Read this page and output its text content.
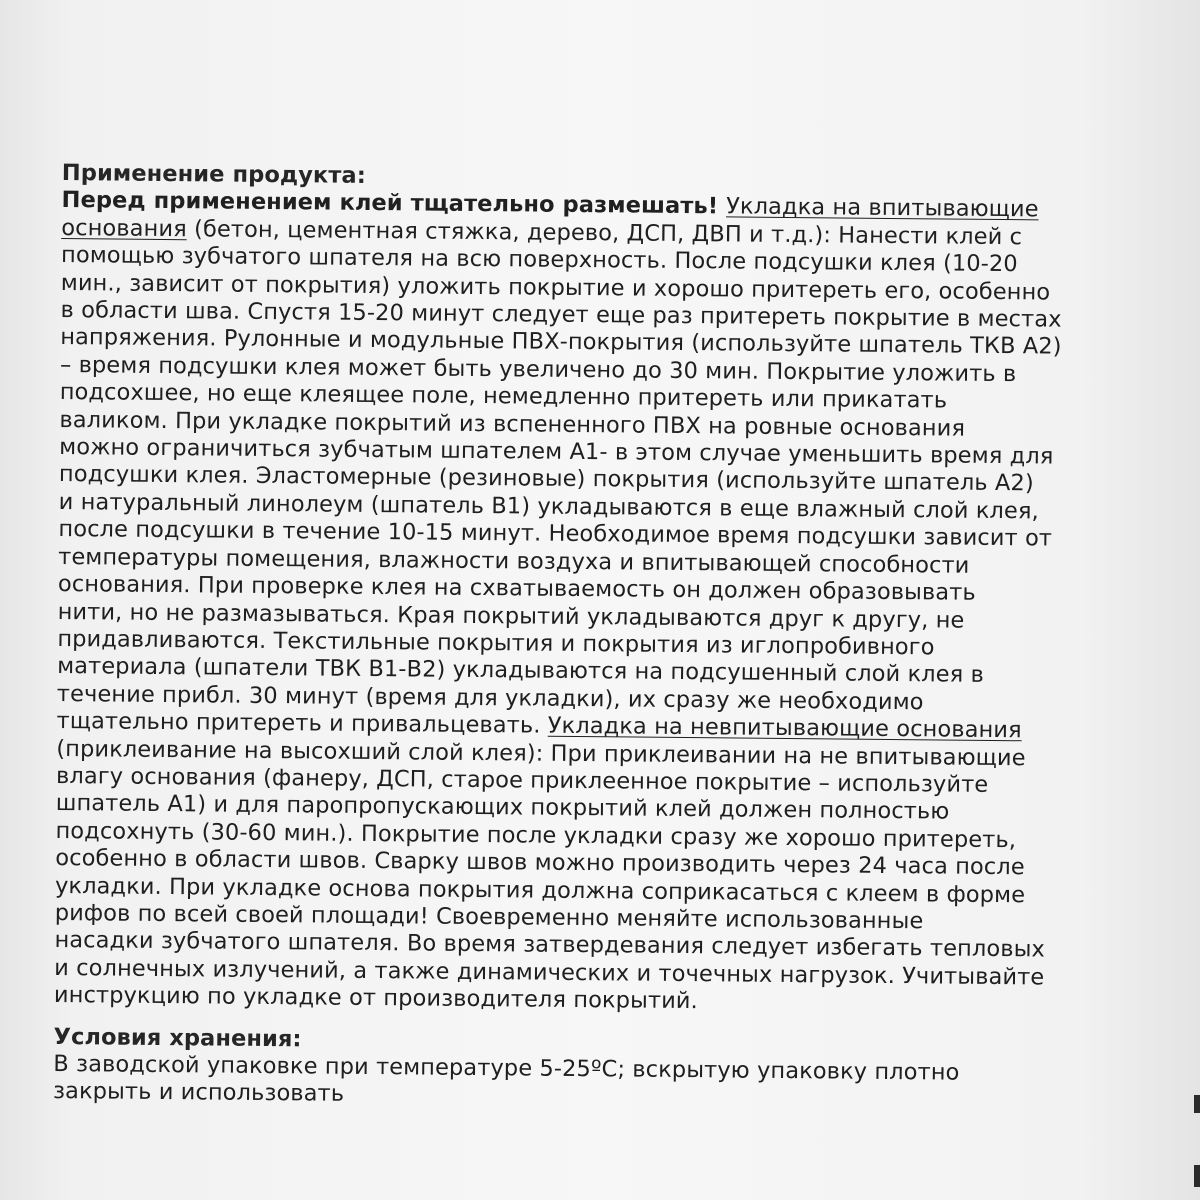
Применение продукта:
Перед применением клей тщательно размешать! Укладка на впитывающие
основания (бетон, цементная стяжка, дерево, ДСП, ДВП и т.д.): Нанести клей с
помощью зубчатого шпателя на всю поверхность. После подсушки клея (10-20
мин., зависит от покрытия) уложить покрытие и хорошо притереть его, особенно
в области шва. Спустя 15-20 минут следует еще раз притереть покрытие в местах
напряжения. Рулонные и модульные ПВХ-покрытия (используйте шпатель ТКВ А2)
– время подсушки клея может быть увеличено до 30 мин. Покрытие уложить в
подсохшее, но еще клеящее поле, немедленно притереть или прикатать
валиком. При укладке покрытий из вспененного ПВХ на ровные основания
можно ограничиться зубчатым шпателем А1- в этом случае уменьшить время для
подсушки клея. Эластомерные (резиновые) покрытия (используйте шпатель А2)
и натуральный линолеум (шпатель В1) укладываются в еще влажный слой клея,
после подсушки в течение 10-15 минут. Необходимое время подсушки зависит от
температуры помещения, влажности воздуха и впитывающей способности
основания. При проверке клея на схватываемость он должен образовывать
нити, но не размазываться. Края покрытий укладываются друг к другу, не
придавливаются. Текстильные покрытия и покрытия из иглопробивного
материала (шпатели ТВК В1-В2) укладываются на подсушенный слой клея в
течение прибл. 30 минут (время для укладки), их сразу же необходимо
тщательно притереть и привальцевать. Укладка на невпитывающие основания
(приклеивание на высохший слой клея): При приклеивании на не впитывающие
влагу основания (фанеру, ДСП, старое приклеенное покрытие – используйте
шпатель А1) и для паропропускающих покрытий клей должен полностью
подсохнуть (30-60 мин.). Покрытие после укладки сразу же хорошо притереть,
особенно в области швов. Сварку швов можно производить через 24 часа после
укладки. При укладке основа покрытия должна соприкасаться с клеем в форме
рифов по всей своей площади! Своевременно меняйте использованные
насадки зубчатого шпателя. Во время затвердевания следует избегать тепловых
и солнечных излучений, а также динамических и точечных нагрузок. Учитывайте
инструкцию по укладке от производителя покрытий.
Условия хранения:
В заводской упаковке при температуре 5-25ºС; вскрытую упаковку плотно
закрыть и использовать
